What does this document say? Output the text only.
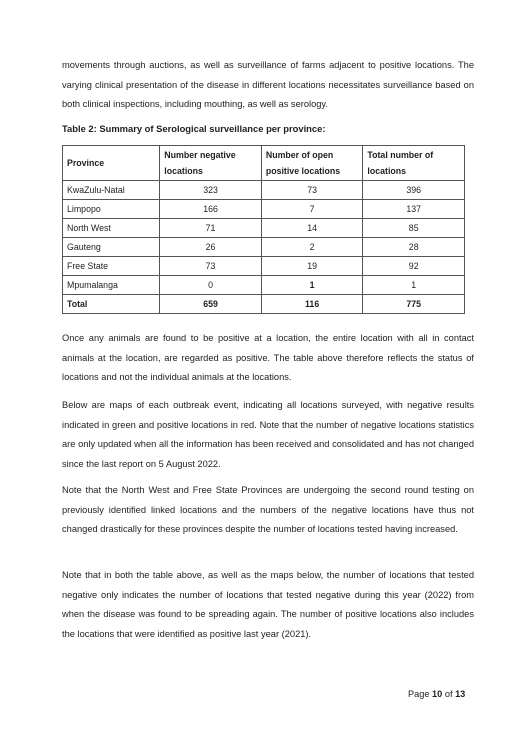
movements through auctions, as well as surveillance of farms adjacent to positive locations. The varying clinical presentation of the disease in different locations necessitates surveillance based on both clinical inspections, including mouthing, as well as serology.

Table 2: Summary of Serological surveillance per province:

Province	Number negative locations	Number of open positive locations	Total number of locations
KwaZulu-Natal	323	73	396
Limpopo	166	7	137
North West	71	14	85
Gauteng	26	2	28
Free State	73	19	92
Mpumalanga	0	1	1
Total	659	116	775

Once any animals are found to be positive at a location, the entire location with all in contact animals at the location, are regarded as positive. The table above therefore reflects the status of locations and not the individual animals at the locations.

Below are maps of each outbreak event, indicating all locations surveyed, with negative results indicated in green and positive locations in red. Note that the number of negative locations statistics are only updated when all the information has been received and consolidated and has not changed since the last report on 5 August 2022.

Note that the North West and Free State Provinces are undergoing the second round testing on previously identified linked locations and the numbers of the negative locations have thus not changed drastically for these provinces despite the number of locations tested having increased.

Note that in both the table above, as well as the maps below, the number of locations that tested negative only indicates the number of locations that tested negative during this year (2022) from when the disease was found to be spreading again. The number of positive locations also includes the locations that were identified as positive last year (2021).

Page 10 of 13
